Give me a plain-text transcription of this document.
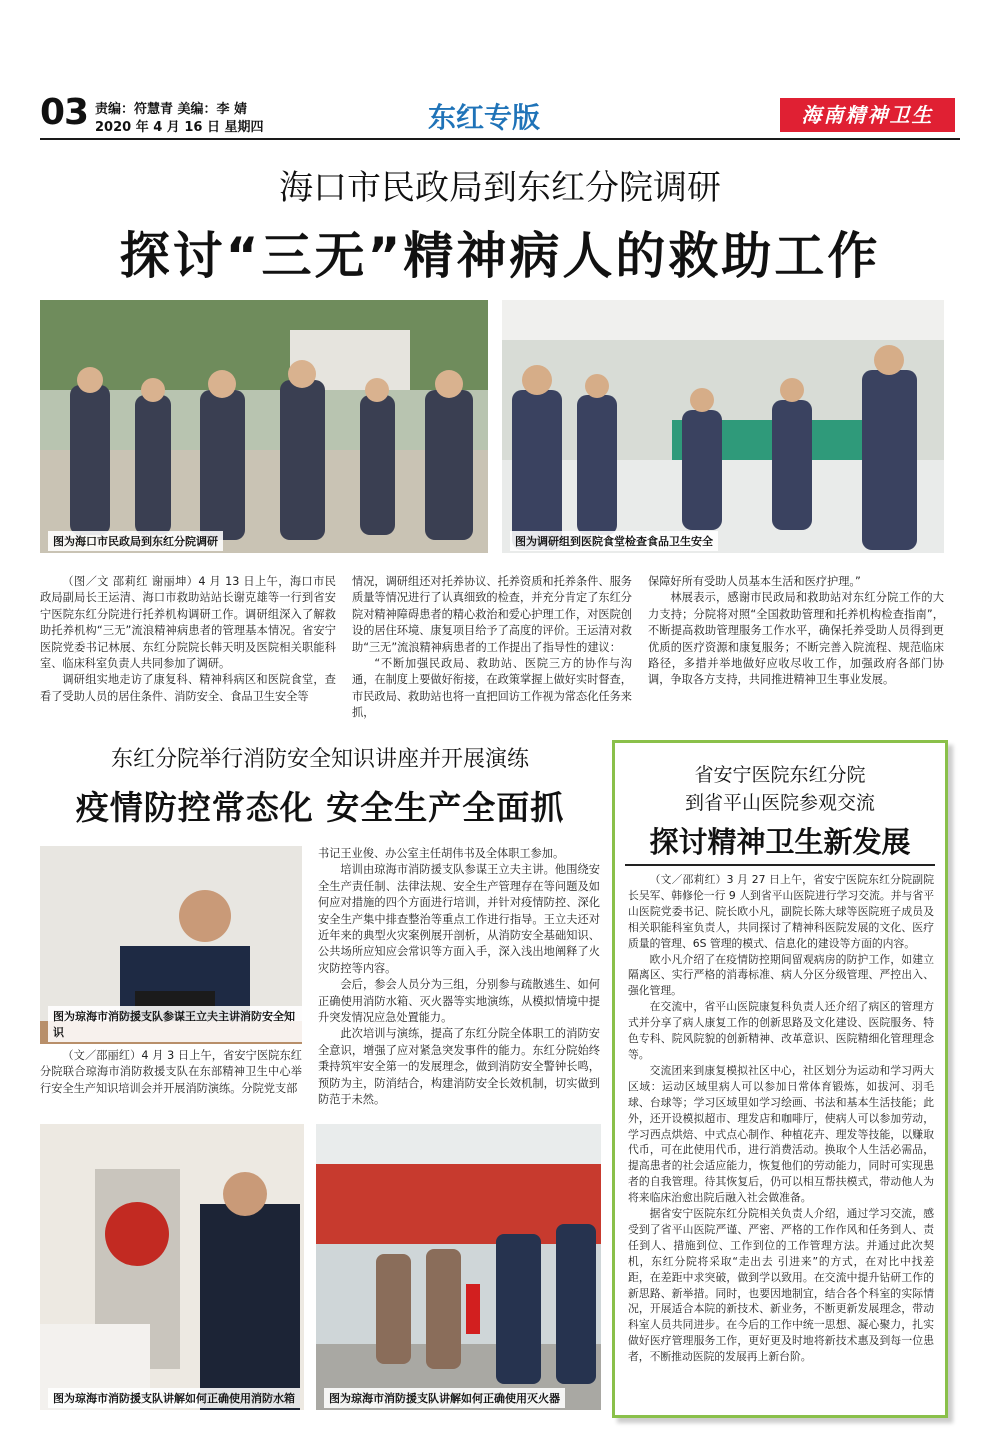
03 责编：符慧青 美编：李 婧
2020 年 4 月 16 日 星期四	东红专版	海南精神卫生
海口市民政局到东红分院调研
探讨“三无”精神病人的救助工作
图为海口市民政局到东红分院调研	图为调研组到医院食堂检查食品卫生安全

（图／文 邵莉红 谢丽坤）4 月 13 日上午，海口市民政局副局长王运清、海口市救助站站长谢克雄等一行到省安宁医院东红分院进行托养机构调研工作。调研组深入了解救助托养机构“三无”流浪精神病患者的管理基本情况。省安宁医院党委书记林展、东红分院院长韩天明及医院相关职能科室、临床科室负责人共同参加了调研。

调研组实地走访了康复科、精神科病区和医院食堂，查看了受助人员的居住条件、消防安全、食品卫生安全等

情况，调研组还对托养协议、托养资质和托养条件、服务质量等情况进行了认真细致的检查，并充分肯定了东红分院对精神障碍患者的精心救治和爱心护理工作，对医院创设的居住环境、康复项目给予了高度的评价。王运清对救助“三无”流浪精神病患者的工作提出了指导性的建议：

“不断加强民政局、救助站、医院三方的协作与沟通，在制度上要做好衔接，在政策掌握上做好实时督查，市民政局、救助站也将一直把回访工作视为常态化任务来抓，

保障好所有受助人员基本生活和医疗护理。”

林展表示，感谢市民政局和救助站对东红分院工作的大力支持；分院将对照“全国救助管理和托养机构检查指南”，不断提高救助管理服务工作水平，确保托养受助人员得到更优质的医疗资源和康复服务；不断完善入院流程、规范临床路径，多措并举地做好应收尽收工作，加强政府各部门协调，争取各方支持，共同推进精神卫生事业发展。

东红分院举行消防安全知识讲座并开展演练
疫情防控常态化 安全生产全面抓
图为琼海市消防援支队参谋王立夫主讲消防安全知识

（文／邵丽红）4 月 3 日上午，省安宁医院东红分院联合琼海市消防救援支队在东部精神卫生中心举行安全生产知识培训会并开展消防演练。分院党支部

书记王业俊、办公室主任胡伟书及全体职工参加。

培训由琼海市消防援支队参谋王立夫主讲。他围绕安全生产责任制、法律法规、安全生产管理存在等问题及如何应对措施的四个方面进行培训，并针对疫情防控、深化安全生产集中排查整治等重点工作进行指导。王立夫还对近年来的典型火灾案例展开剖析，从消防安全基础知识、公共场所应知应会常识等方面入手，深入浅出地阐释了火灾防控等内容。

会后，参会人员分为三组，分别参与疏散逃生、如何正确使用消防水箱、灭火器等实地演练，从模拟情境中提升突发情况应急处置能力。

此次培训与演练，提高了东红分院全体职工的消防安全意识，增强了应对紧急突发事件的能力。东红分院始终秉持筑牢安全第一的发展理念，做到消防安全警钟长鸣，预防为主，防消结合，构建消防安全长效机制，切实做到防范于未然。

图为琼海市消防援支队讲解如何正确使用消防水箱	图为琼海市消防援支队讲解如何正确使用灭火器
省安宁医院东红分院
到省平山医院参观交流
探讨精神卫生新发展

（文／邵莉红）3 月 27 日上午，省安宁医院东红分院副院长吴军、韩修伦一行 9 人到省平山医院进行学习交流。并与省平山医院党委书记、院长欧小凡，副院长陈大球等医院班子成员及相关职能科室负责人，共同探讨了精神科医院发展的文化、医疗质量的管理、6S 管理的模式、信息化的建设等方面的内容。

欧小凡介绍了在疫情防控期间留观病房的防护工作，如建立隔离区、实行严格的消毒标准、病人分区分级管理、严控出入、强化管理。

在交流中，省平山医院康复科负责人还介绍了病区的管理方式并分享了病人康复工作的创新思路及文化建设、医院服务、特色专科、院风院貌的创新精神、改革意识、医院精细化管理理念等。

交流团来到康复模拟社区中心，社区划分为运动和学习两大区域：运动区域里病人可以参加日常体育锻炼，如拔河、羽毛球、台球等；学习区域里如学习绘画、书法和基本生活技能；此外，还开设模拟超市、理发店和咖啡厅，使病人可以参加劳动，学习西点烘焙、中式点心制作、种植花卉、理发等技能，以赚取代币，可在此使用代币，进行消费活动。换取个人生活必需品，提高患者的社会适应能力，恢复他们的劳动能力，同时可实现患者的自我管理。待其恢复后，仍可以相互帮扶模式，带动他人为将来临床治愈出院后融入社会做准备。

据省安宁医院东红分院相关负责人介绍，通过学习交流，感受到了省平山医院严谨、严密、严格的工作作风和任务到人、责任到人、措施到位、工作到位的工作管理方法。并通过此次契机，东红分院将采取“走出去 引进来”的方式，在对比中找差距，在差距中求突破，做到学以致用。在交流中提升钻研工作的新思路、新举措。同时，也要因地制宜，结合各个科室的实际情况，开展适合本院的新技术、新业务，不断更新发展理念，带动科室人员共同进步。在今后的工作中统一思想、凝心聚力，扎实做好医疗管理服务工作，更好更及时地将新技术惠及到每一位患者，不断推动医院的发展再上新台阶。
